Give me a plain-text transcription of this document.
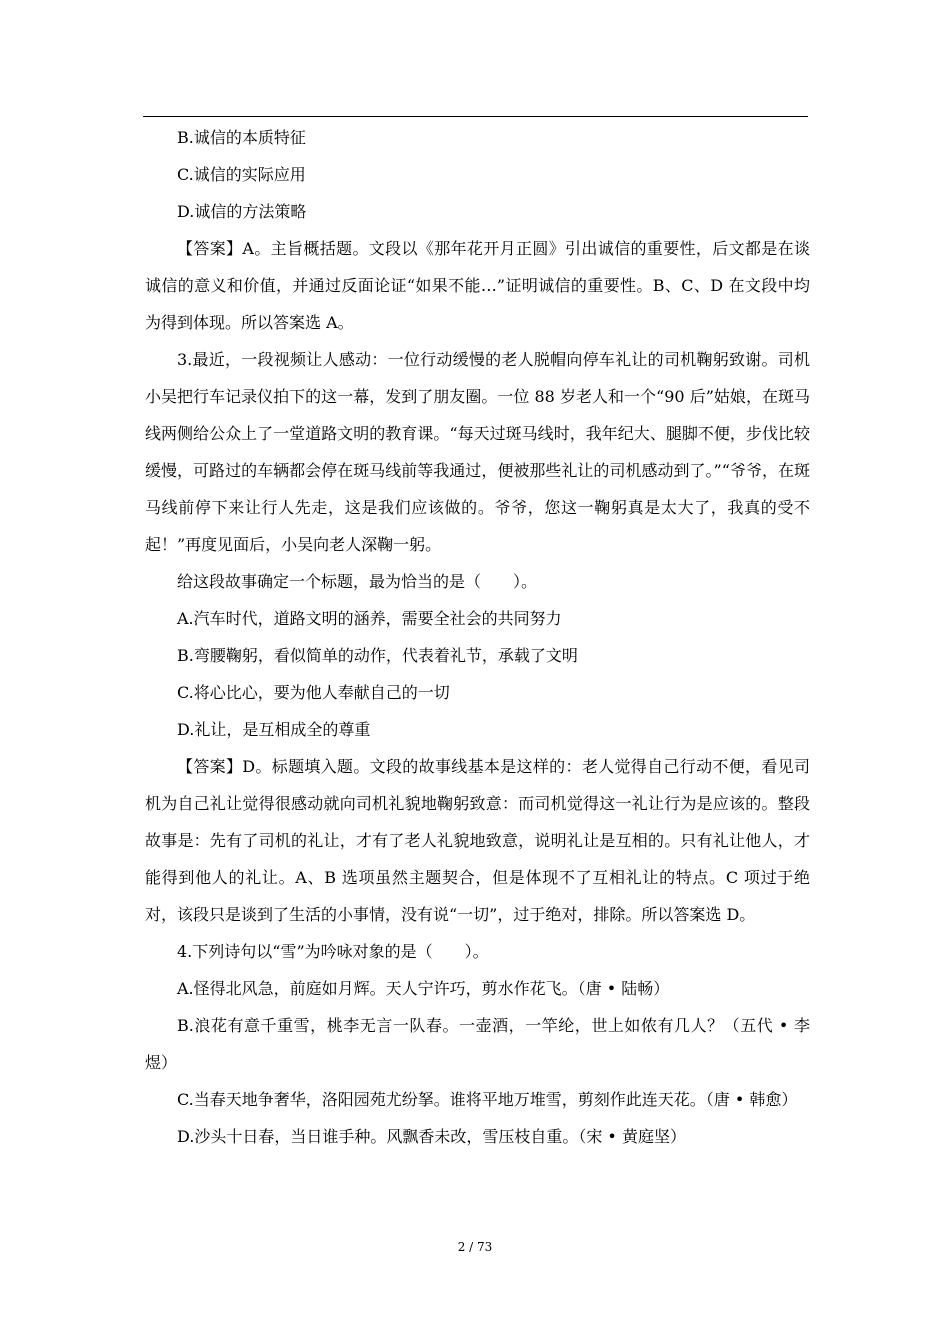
B.诚信的本质特征

C.诚信的实际应用

D.诚信的方法策略

【答案】A。主旨概括题。文段以《那年花开月正圆》引出诚信的重要性，后文都是在谈诚信的意义和价值，并通过反面论证“如果不能…”证明诚信的重要性。B、C、D 在文段中均为得到体现。所以答案选 A。

3.最近，一段视频让人感动：一位行动缓慢的老人脱帽向停车礼让的司机鞠躬致谢。司机小吴把行车记录仪拍下的这一幕，发到了朋友圈。一位 88 岁老人和一个“90 后”姑娘，在斑马线两侧给公众上了一堂道路文明的教育课。“每天过斑马线时，我年纪大、腿脚不便，步伐比较缓慢，可路过的车辆都会停在斑马线前等我通过，便被那些礼让的司机感动到了。”“爷爷，在斑马线前停下来让行人先走，这是我们应该做的。爷爷，您这一鞠躬真是太大了，我真的受不起！”再度见面后，小吴向老人深鞠一躬。

给这段故事确定一个标题，最为恰当的是（　　）。

A.汽车时代，道路文明的涵养，需要全社会的共同努力

B.弯腰鞠躬，看似简单的动作，代表着礼节，承载了文明

C.将心比心，要为他人奉献自己的一切

D.礼让，是互相成全的尊重

【答案】D。标题填入题。文段的故事线基本是这样的：老人觉得自己行动不便，看见司机为自己礼让觉得很感动就向司机礼貌地鞠躬致意：而司机觉得这一礼让行为是应该的。整段故事是：先有了司机的礼让，才有了老人礼貌地致意，说明礼让是互相的。只有礼让他人，才能得到他人的礼让。A、B 选项虽然主题契合，但是体现不了互相礼让的特点。C 项过于绝对，该段只是谈到了生活的小事情，没有说“一切”，过于绝对，排除。所以答案选 D。

4.下列诗句以“雪”为吟咏对象的是（　　）。

A.怪得北风急，前庭如月辉。天人宁许巧，剪水作花飞。（唐 • 陆畅）

B.浪花有意千重雪，桃李无言一队春。一壶酒，一竿纶，世上如侬有几人？（五代 • 李煜）

C.当春天地争奢华，洛阳园苑尤纷拏。谁将平地万堆雪，剪刻作此连天花。（唐 • 韩愈）

D.沙头十日春，当日谁手种。风飘香未改，雪压枝自重。（宋 • 黄庭坚）

2 / 73
